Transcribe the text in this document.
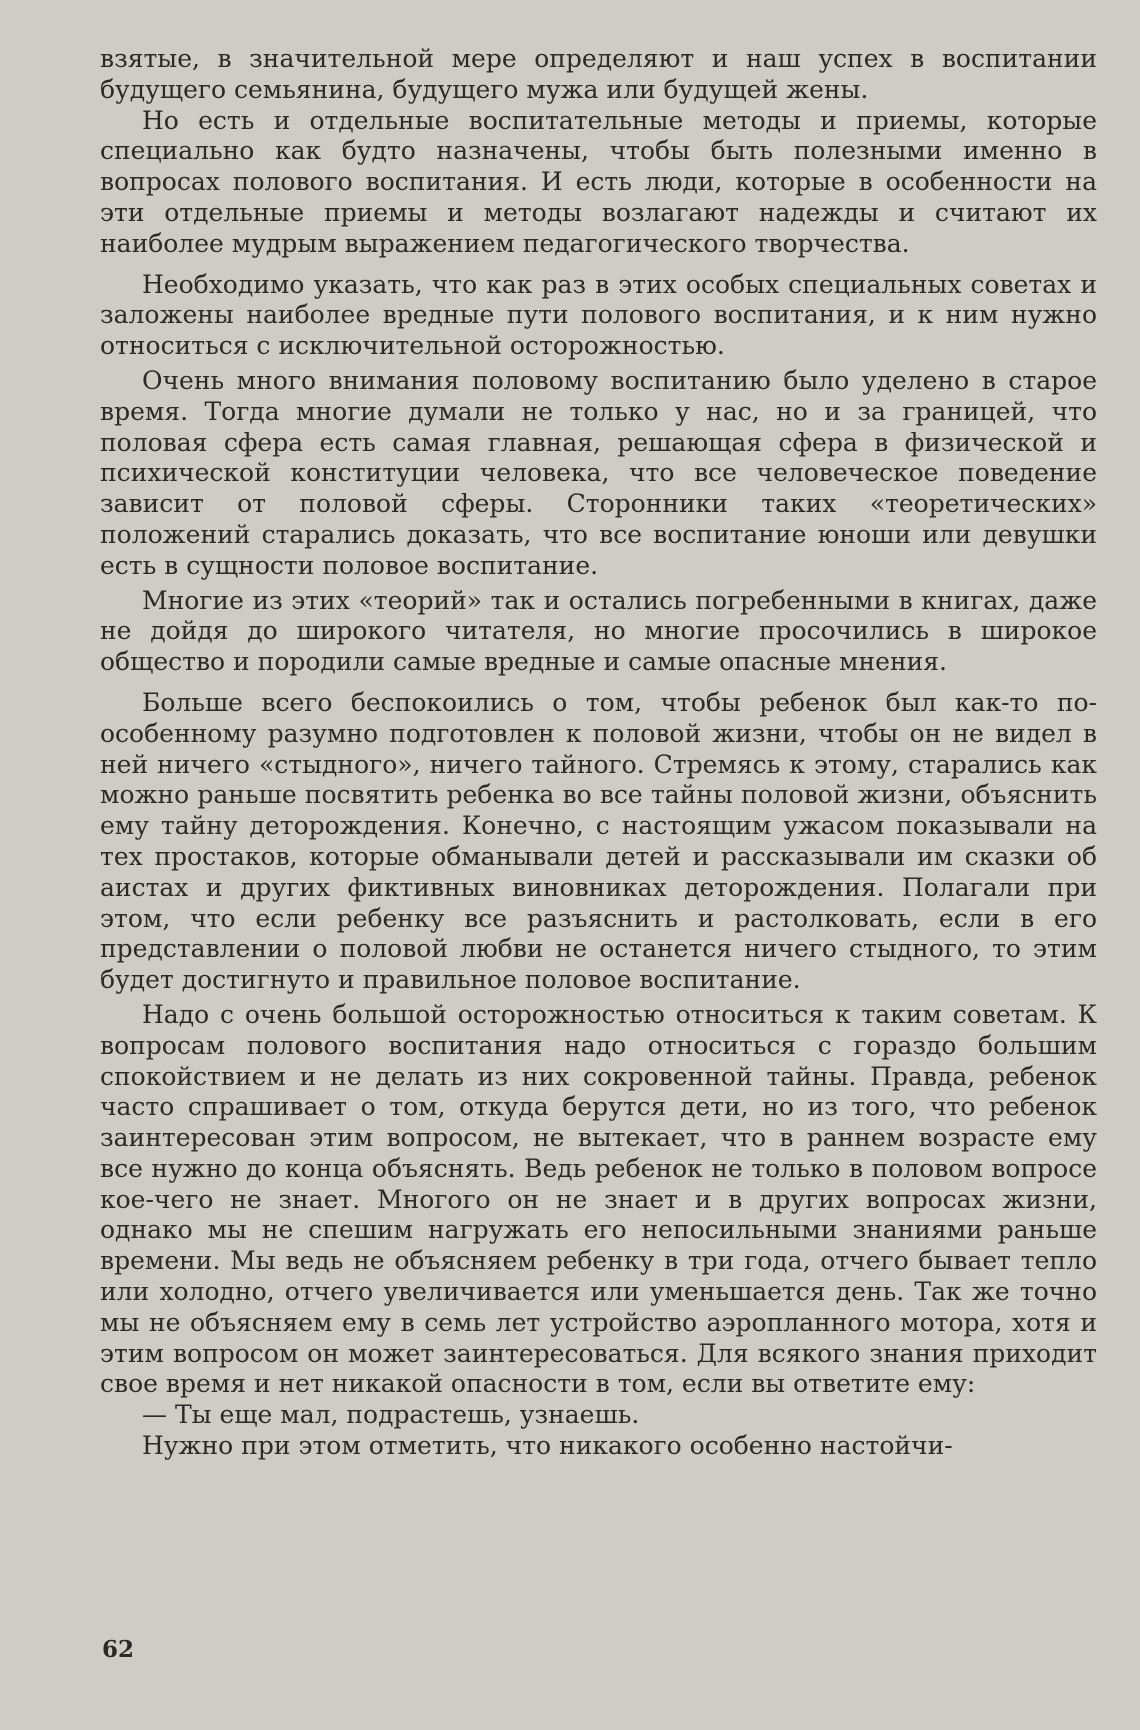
взятые, в значительной мере определяют и наш успех в воспитании будущего семьянина, будущего мужа или будущей жены.

Но есть и отдельные воспитательные методы и приемы, которые специально как будто назначены, чтобы быть полезными именно в вопросах полового воспитания. И есть люди, которые в особенности на эти отдельные приемы и методы возлагают надежды и считают их наиболее мудрым выражением педагогического творчества.

Необходимо указать, что как раз в этих особых специальных советах и заложены наиболее вредные пути полового воспитания, и к ним нужно относиться с исключительной осторожностью.

Очень много внимания половому воспитанию было уделено в старое время. Тогда многие думали не только у нас, но и за границей, что половая сфера есть самая главная, решающая сфера в физической и психической конституции человека, что все человеческое поведение зависит от половой сферы. Сторонники таких «теоретических» положений старались доказать, что все воспитание юноши или девушки есть в сущности половое воспитание.

Многие из этих «теорий» так и остались погребенными в книгах, даже не дойдя до широкого читателя, но многие просочились в широкое общество и породили самые вредные и самые опасные мнения.

Больше всего беспокоились о том, чтобы ребенок был как-то по-особенному разумно подготовлен к половой жизни, чтобы он не видел в ней ничего «стыдного», ничего тайного. Стремясь к этому, старались как можно раньше посвятить ребенка во все тайны половой жизни, объяснить ему тайну деторождения. Конечно, с настоящим ужасом показывали на тех простаков, которые обманывали детей и рассказывали им сказки об аистах и других фиктивных виновниках деторождения. Полагали при этом, что если ребенку все разъяснить и растолковать, если в его представлении о половой любви не останется ничего стыдного, то этим будет достигнуто и правильное половое воспитание.

Надо с очень большой осторожностью относиться к таким советам. К вопросам полового воспитания надо относиться с гораздо большим спокойствием и не делать из них сокровенной тайны. Правда, ребенок часто спрашивает о том, откуда берутся дети, но из того, что ребенок заинтересован этим вопросом, не вытекает, что в раннем возрасте ему все нужно до конца объяснять. Ведь ребенок не только в половом вопросе кое-чего не знает. Многого он не знает и в других вопросах жизни, однако мы не спешим нагружать его непосильными знаниями раньше времени. Мы ведь не объясняем ребенку в три года, отчего бывает тепло или холодно, отчего увеличивается или уменьшается день. Так же точно мы не объясняем ему в семь лет устройство аэропланного мотора, хотя и этим вопросом он может заинтересоваться. Для всякого знания приходит свое время и нет никакой опасности в том, если вы ответите ему:

— Ты еще мал, подрастешь, узнаешь.

Нужно при этом отметить, что никакого особенно настойчи-

62
